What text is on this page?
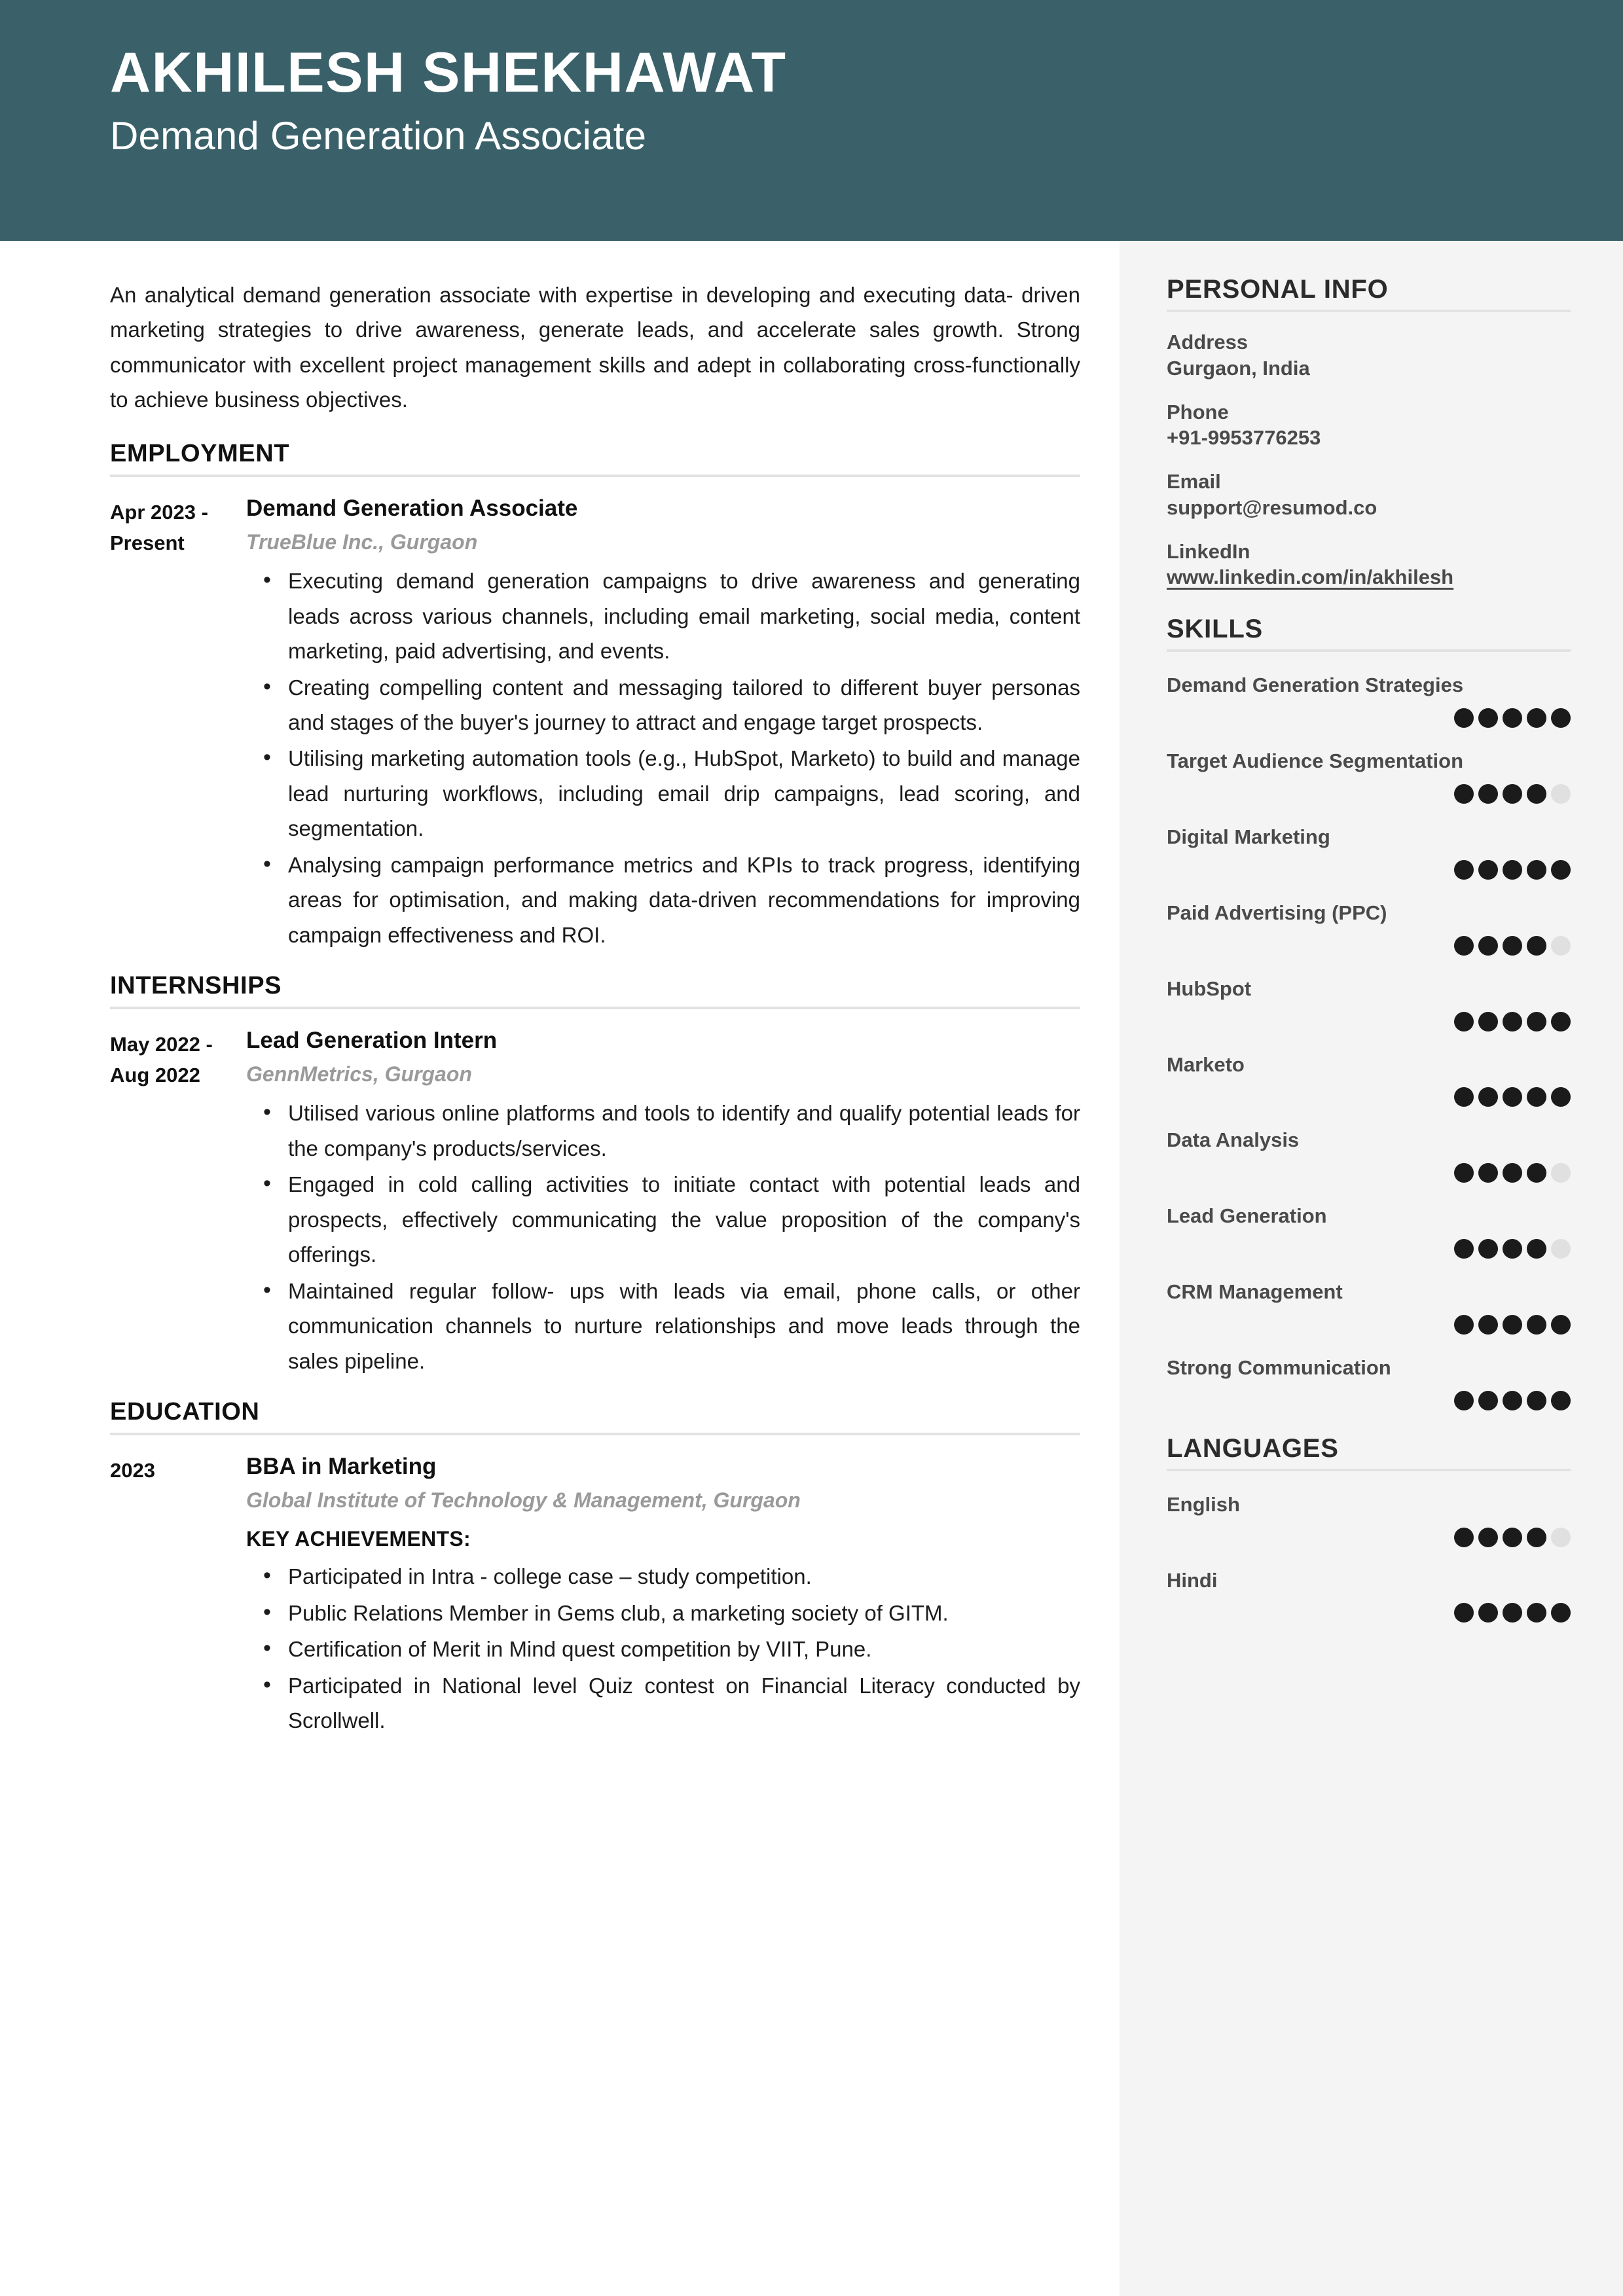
AKHILESH SHEKHAWAT
Demand Generation Associate

An analytical demand generation associate with expertise in developing and executing data- driven marketing strategies to drive awareness, generate leads, and accelerate sales growth. Strong communicator with excellent project management skills and adept in collaborating cross-functionally to achieve business objectives.

EMPLOYMENT
Apr 2023 -
Present
Demand Generation Associate
TrueBlue Inc., Gurgaon
• Executing demand generation campaigns to drive awareness and generating leads across various channels, including email marketing, social media, content marketing, paid advertising, and events.
• Creating compelling content and messaging tailored to different buyer personas and stages of the buyer's journey to attract and engage target prospects.
• Utilising marketing automation tools (e.g., HubSpot, Marketo) to build and manage lead nurturing workflows, including email drip campaigns, lead scoring, and segmentation.
• Analysing campaign performance metrics and KPIs to track progress, identifying areas for optimisation, and making data-driven recommendations for improving campaign effectiveness and ROI.
INTERNSHIPS
May 2022 -
Aug 2022
Lead Generation Intern
GennMetrics, Gurgaon
• Utilised various online platforms and tools to identify and qualify potential leads for the company's products/services.
• Engaged in cold calling activities to initiate contact with potential leads and prospects, effectively communicating the value proposition of the company's offerings.
• Maintained regular follow- ups with leads via email, phone calls, or other communication channels to nurture relationships and move leads through the sales pipeline.
EDUCATION
2023	BBA in Marketing
Global Institute of Technology & Management, Gurgaon
KEY ACHIEVEMENTS:
• Participated in Intra - college case – study competition.
• Public Relations Member in Gems club, a marketing society of GITM.
• Certification of Merit in Mind quest competition by VIIT, Pune.
• Participated in National level Quiz contest on Financial Literacy conducted by Scrollwell.
PERSONAL INFO
Address
Gurgaon, India
Phone
+91-9953776253
Email
support@resumod.co
LinkedIn
www.linkedin.com/in/akhilesh
SKILLS
Demand Generation Strategies
Target Audience Segmentation
Digital Marketing
Paid Advertising (PPC)
HubSpot
Marketo
Data Analysis
Lead Generation
CRM Management
Strong Communication
LANGUAGES
English
Hindi
